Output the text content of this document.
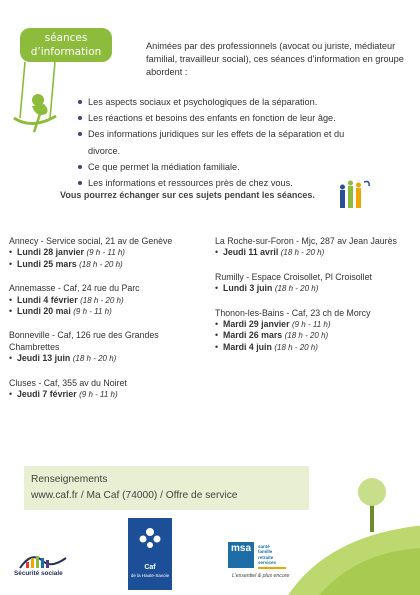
séances
d’information	Animées par des professionnels (avocat ou juriste, médiateur familial, travailleur social), ces séances d’information en groupe abordent :

Les aspects sociaux et psychologiques de la séparation.
Les réactions et besoins des enfants en fonction de leur âge.
Des informations juridiques sur les effets de la séparation et du divorce.
Ce que permet la médiation familiale.
Les informations et ressources près de chez vous.

Vous pourrez échanger sur ces sujets pendant les séances.

Annecy - Service social, 21 av de Genève
• Lundi 28 janvier (9 h - 11 h)
• Lundi 25 mars (18 h - 20 h)
Annemasse - Caf, 24 rue du Parc
• Lundi 4 février (18 h - 20 h)
• Lundi 20 mai (9 h - 11 h)
Bonneville - Caf, 126 rue des Grandes Chambrettes
• Jeudi 13 juin (18 h - 20 h)
Cluses - Caf, 355 av du Noiret
• Jeudi 7 février (9 h - 11 h)
La Roche-sur-Foron - Mjc, 287 av Jean Jaurès
• Jeudi 11 avril (18 h - 20 h)
Rumilly - Espace Croisollet, Pl Croisollet
• Lundi 3 juin (18 h - 20 h)
Thonon-les-Bains - Caf, 23 ch de Morcy
• Mardi 29 janvier (9 h - 11 h)
• Mardi 26 mars (18 h - 20 h)
• Mardi 4 juin (18 h - 20 h)
Renseignements
www.caf.fr / Ma Caf (74000) / Offre de service
Sécurité sociale
Caf
de la Haute-Savoie
msa	santé
famille
retraite
services
L’essentiel & plus encore
